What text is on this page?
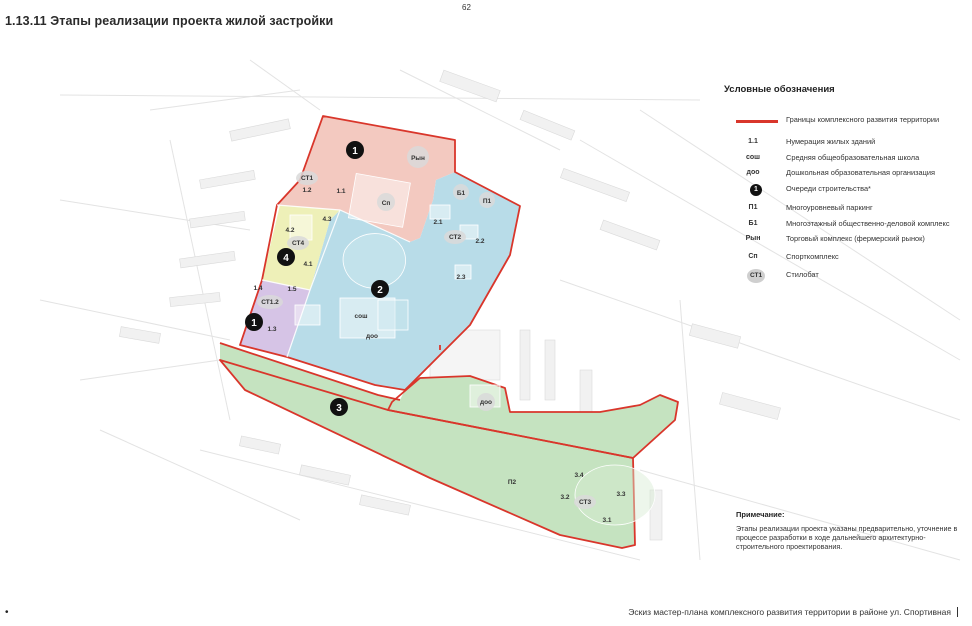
62
1.13.11 Этапы реализации проекта жилой застройки
1
2
3
4
1
Рын
Сп
СТ1
Б1
П1
СТ2
СТ4
СТ1.2
сош
доо
доо
П2
СТ3
1.2	1.1
2.1
2.2
2.3
4.2
4.3
4.1
1.4	1.5
1.3
3.4
3.2	3.3
3.1
Условные обозначения
Границы комплексного развития территории
1.1	Нумерация жилых зданий
сош	Средняя общеобразовательная школа
доо	Дошкольная образовательная организация
1	Очереди строительства*
П1	Многоуровневый паркинг
Б1	Многоэтажный общественно-деловой комплекс
Рын	Торговый комплекс (фермерский рынок)
Сп	Спорткомплекс
СТ1	Стилобат
Примечание:
Этапы реализации проекта указаны предварительно, уточнение в процессе разработки в ходе дальнейшего архитектурно-строительного проектирования.
•	Эскиз мастер-плана комплексного развития территории в районе ул. Спортивная
